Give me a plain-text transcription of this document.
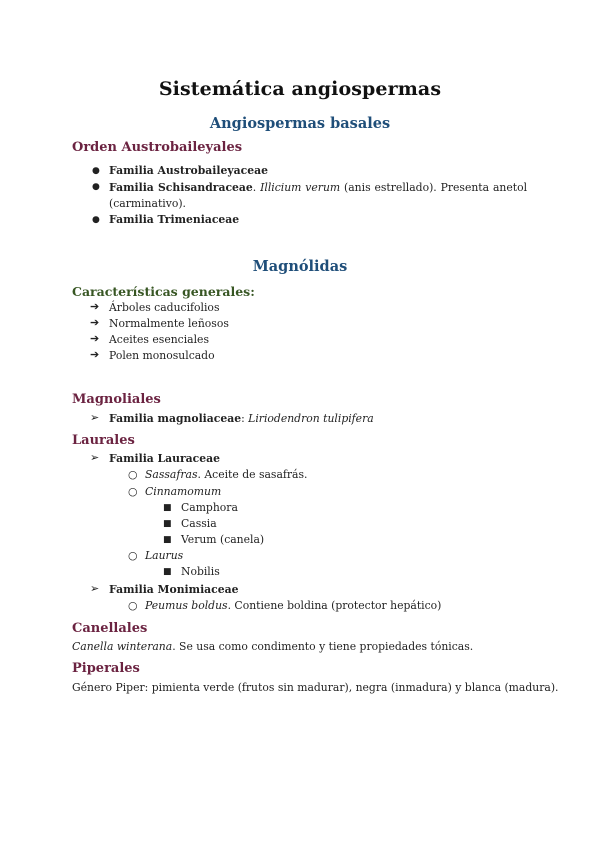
Sistemática angiospermas
Angiospermas basales
Orden Austrobaileyales
● Familia Austrobaileyaceae
● Familia Schisandraceae. Illicium verum (anis estrellado). Presenta anetol (carminativo).
● Familia Trimeniaceae
Magnólidas
Características generales:
➔ Árboles caducifolios
➔ Normalmente leñosos
➔ Aceites esenciales
➔ Polen monosulcado
Magnoliales
➢ Familia magnoliaceae: Liriodendron tulipifera
Laurales
➢ Familia Lauraceae
○ Sassafras. Aceite de sasafrás.
○ Cinnamomum
■ Camphora
■ Cassia
■ Verum (canela)
○ Laurus
■ Nobilis
➢ Familia Monimiaceae
○ Peumus boldus. Contiene boldina (protector hepático)
Canellales
Canella winterana. Se usa como condimento y tiene propiedades tónicas.
Piperales
Género Piper: pimienta verde (frutos sin madurar), negra (inmadura) y blanca (madura).
